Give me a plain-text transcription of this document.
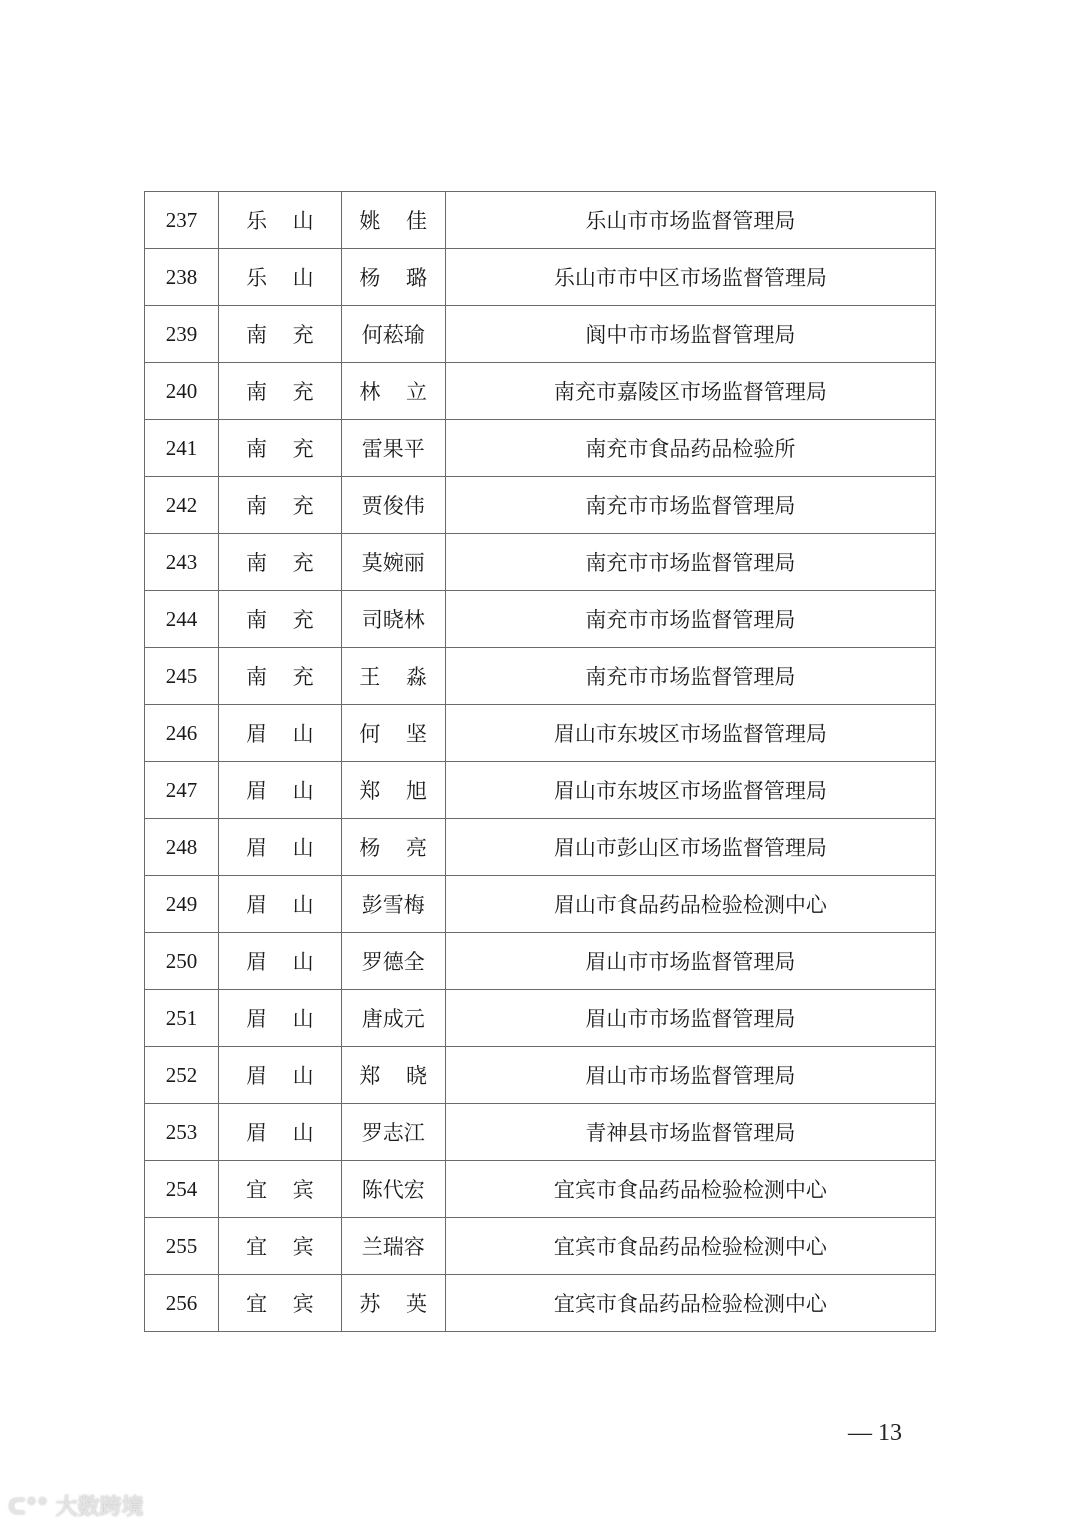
237	乐 山	姚 佳	乐山市市场监督管理局
238	乐 山	杨 璐	乐山市市中区市场监督管理局
239	南 充	何菘瑜	阆中市市场监督管理局
240	南 充	林 立	南充市嘉陵区市场监督管理局
241	南 充	雷果平	南充市食品药品检验所
242	南 充	贾俊伟	南充市市场监督管理局
243	南 充	莫婉丽	南充市市场监督管理局
244	南 充	司晓林	南充市市场监督管理局
245	南 充	王 淼	南充市市场监督管理局
246	眉 山	何 坚	眉山市东坡区市场监督管理局
247	眉 山	郑 旭	眉山市东坡区市场监督管理局
248	眉 山	杨 亮	眉山市彭山区市场监督管理局
249	眉 山	彭雪梅	眉山市食品药品检验检测中心
250	眉 山	罗德全	眉山市市场监督管理局
251	眉 山	唐成元	眉山市市场监督管理局
252	眉 山	郑 晓	眉山市市场监督管理局
253	眉 山	罗志江	青神县市场监督管理局
254	宜 宾	陈代宏	宜宾市食品药品检验检测中心
255	宜 宾	兰瑞容	宜宾市食品药品检验检测中心
256	宜 宾	苏 英	宜宾市食品药品检验检测中心
— 13
ᑕ°° 大数跨境
